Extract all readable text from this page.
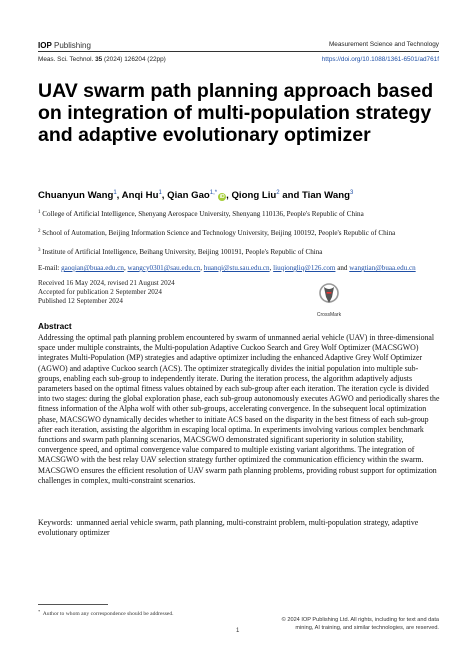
IOP Publishing	Measurement Science and Technology
Meas. Sci. Technol. 35 (2024) 126204 (22pp)	https://doi.org/10.1088/1361-6501/ad761f
UAV swarm path planning approach based on integration of multi-population strategy and adaptive evolutionary optimizer
Chuanyun Wang$^1$, Anqi Hu$^1$, Qian Gao$^{1,*}$iD , Qiong Liu$^2$ and Tian Wang$^3$
$^1$ College of Artificial Intelligence, Shenyang Aerospace University, Shenyang 110136, People's Republic of China
$^2$ School of Automation, Beijing Information Science and Technology University, Beijing 100192, People's Republic of China
$^3$ Institute of Artificial Intelligence, Beihang University, Beijing 100191, People's Republic of China
E-mail: gaoqian@buaa.edu.cn, wangcy0301@sau.edu.cn, huanqi@stu.sau.edu.cn, liuqiongliq@126.com and wangtian@buaa.edu.cn
Received 16 May 2024, revised 21 August 2024
Accepted for publication 2 September 2024
Published 12 September 2024
CrossMark
Abstract
Addressing the optimal path planning problem encountered by swarm of unmanned aerial vehicle (UAV) in three-dimensional space under multiple constraints, the Multi-population Adaptive Cuckoo Search and Grey Wolf Optimizer (MACSGWO) integrates Multi-Population (MP) strategies and adaptive optimizer including the enhanced Adaptive Grey Wolf Optimizer (AGWO) and adaptive Cuckoo search (ACS). The optimizer strategically divides the initial population into multiple sub-groups, enabling each sub-group to independently iterate. During the iteration process, the algorithm adaptively adjusts parameters based on the optimal fitness values obtained by each sub-group after each iteration. The iteration cycle is divided into two stages: during the global exploration phase, each sub-group autonomously executes AGWO and periodically shares the fitness information of the Alpha wolf with other sub-groups, accelerating convergence. In the subsequent local optimization phase, MACSGWO dynamically decides whether to initiate ACS based on the disparity in the best fitness of each sub-group after each iteration, assisting the algorithm in escaping local optima. In experiments involving various complex benchmark functions and swarm path planning scenarios, MACSGWO demonstrated significant superiority in solution stability, convergence speed, and optimal convergence value compared to multiple existing variant algorithms. The integration of MACSGWO with the best relay UAV selection strategy further optimized the communication efficiency within the swarm. MACSGWO ensures the efficient resolution of UAV swarm path planning problems, providing robust support for optimization challenges in complex, multi-constraint scenarios.
Keywords: unmanned aerial vehicle swarm, path planning, multi-constraint problem, multi-population strategy, adaptive evolutionary optimizer
* Author to whom any correspondence should be addressed.
1
© 2024 IOP Publishing Ltd. All rights, including for text and data mining, AI training, and similar technologies, are reserved.
